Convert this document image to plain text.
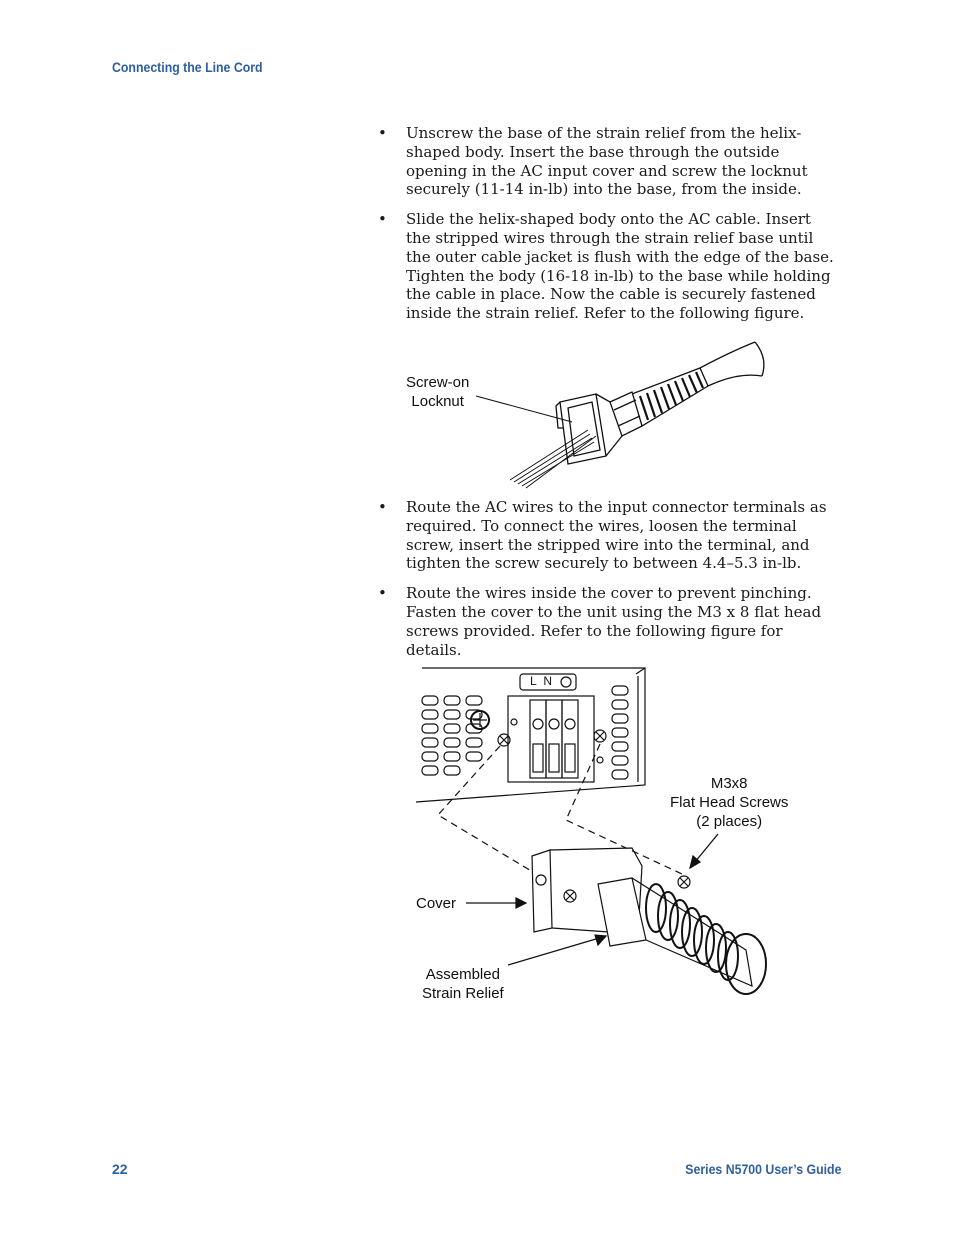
Connecting the Line Cord
• Unscrew the base of the strain relief from the helix-shaped body. Insert the base through the outside opening in the AC input cover and screw the locknut securely (11-14 in-lb) into the base, from the inside.
• Slide the helix-shaped body onto the AC cable. Insert the stripped wires through the strain relief base until the outer cable jacket is flush with the edge of the base. Tighten the body (16-18 in-lb) to the base while holding the cable in place. Now the cable is securely fastened inside the strain relief. Refer to the following figure.
Screw-on
Locknut
• Route the AC wires to the input connector terminals as required. To connect the wires, loosen the terminal screw, insert the stripped wire into the terminal, and tighten the screw securely to between 4.4–5.3 in-lb.
• Route the wires inside the cover to prevent pinching. Fasten the cover to the unit using the M3 x 8 flat head screws provided. Refer to the following figure for details.
L N
M3x8
Flat Head Screws
(2 places)
Cover
Assembled
Strain Relief
22	Series N5700 User’s Guide
